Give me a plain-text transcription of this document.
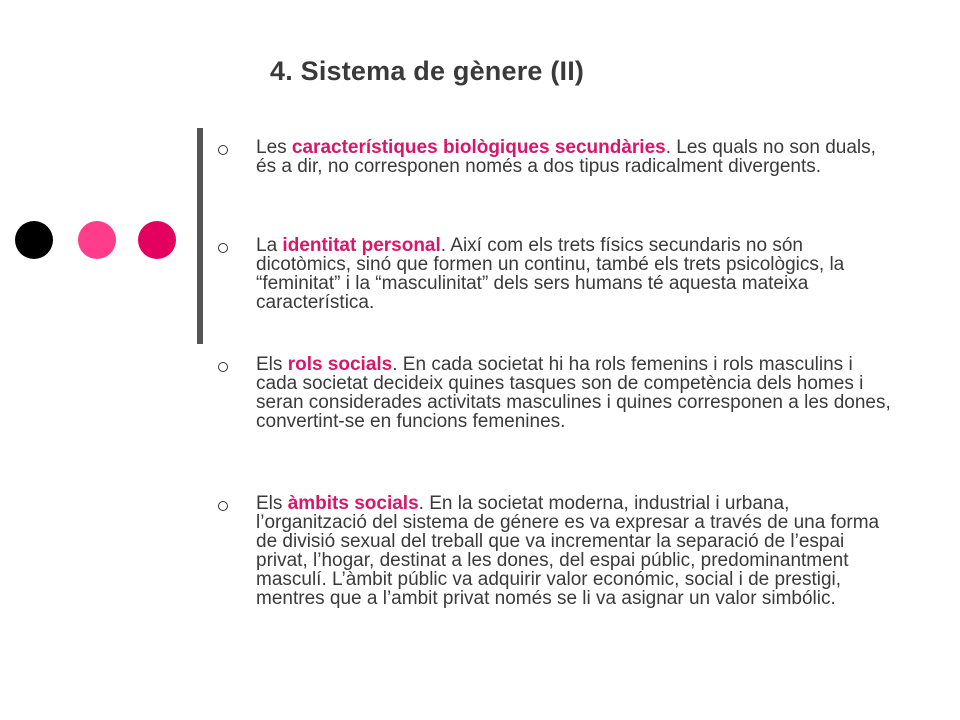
4. Sistema de gènere (II)
Les característiques biològiques secundàries. Les quals no son duals, és a dir, no corresponen només a dos tipus radicalment divergents.
La identitat personal. Així com els trets físics secundaris no són dicotòmics, sinó que formen un continu, també els trets psicològics, la “feminitat” i la “masculinitat” dels sers humans té aquesta mateixa característica.
Els rols socials. En cada societat hi ha rols femenins i rols masculins i cada societat decideix quines tasques son de competència dels homes i seran considerades activitats masculines i quines corresponen a les dones, convertint-se en funcions femenines.
Els àmbits socials. En la societat moderna, industrial i urbana, l’organització del sistema de génere es va expresar a través de una forma de divisió sexual del treball que va incrementar la separació de l’espai privat, l’hogar, destinat a les dones, del espai públic, predominantment masculí. L’àmbit públic va adquirir valor económic, social i de prestigi, mentres que a l’ambit privat només se li va asignar un valor simbólic.
